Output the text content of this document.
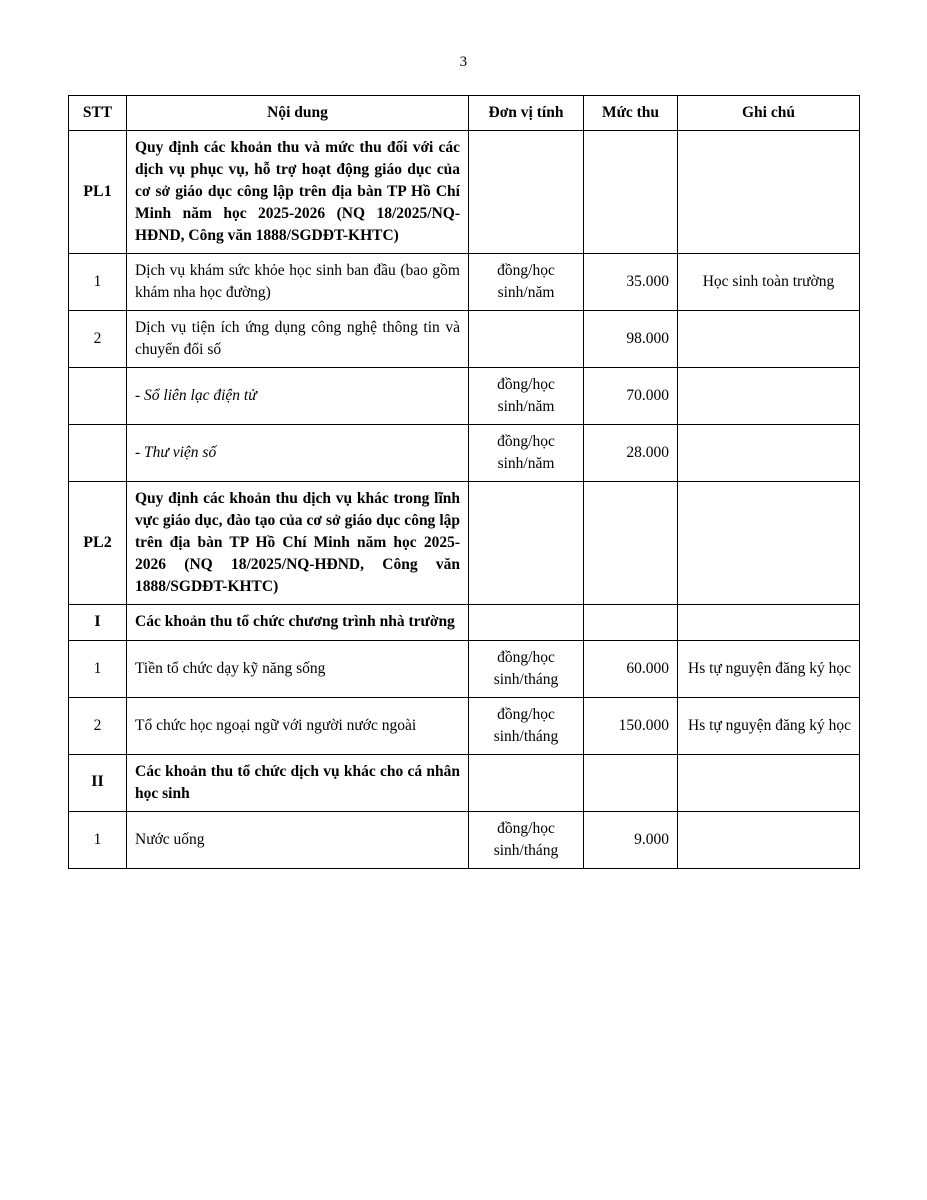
3
STT	Nội dung	Đơn vị tính	Mức thu	Ghi chú
PL1	Quy định các khoản thu và mức thu đối với các dịch vụ phục vụ, hỗ trợ hoạt động giáo dục của cơ sở giáo dục công lập trên địa bàn TP Hồ Chí Minh năm học 2025-2026 (NQ 18/2025/NQ-HĐND, Công văn 1888/SGDĐT-KHTC)			
1	Dịch vụ khám sức khỏe học sinh ban đầu (bao gồm khám nha học đường)	đồng/học sinh/năm	35.000	Học sinh toàn trường
2	Dịch vụ tiện ích ứng dụng công nghệ thông tin và chuyển đổi số		98.000	
	- Sổ liên lạc điện tử	đồng/học sinh/năm	70.000	
	- Thư viện số	đồng/học sinh/năm	28.000	
PL2	Quy định các khoản thu dịch vụ khác trong lĩnh vực giáo dục, đào tạo của cơ sở giáo dục công lập trên địa bàn TP Hồ Chí Minh năm học 2025-2026 (NQ 18/2025/NQ-HĐND, Công văn 1888/SGDĐT-KHTC)			
I	Các khoản thu tổ chức chương trình nhà trường			
1	Tiền tổ chức dạy kỹ năng sống	đồng/học sinh/tháng	60.000	Hs tự nguyện đăng ký học
2	Tổ chức học ngoại ngữ với người nước ngoài	đồng/học sinh/tháng	150.000	Hs tự nguyện đăng ký học
II	Các khoản thu tổ chức dịch vụ khác cho cá nhân học sinh			
1	Nước uống	đồng/học sinh/tháng	9.000	
